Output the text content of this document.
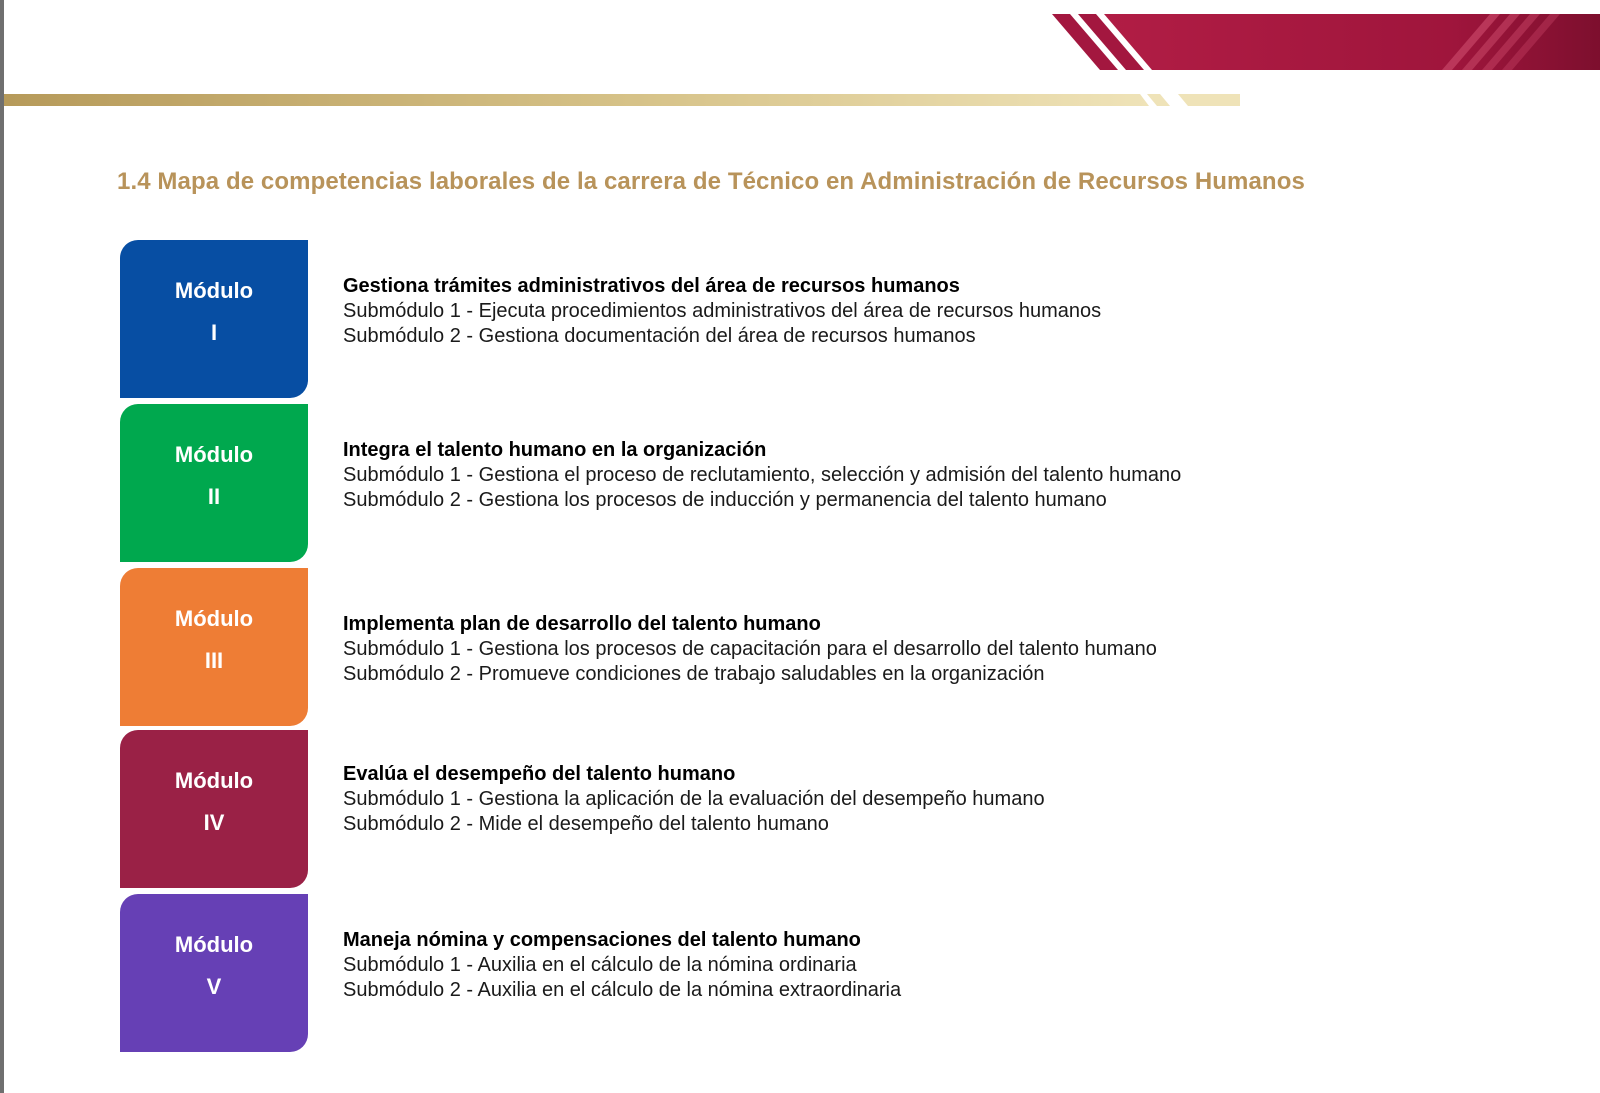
1.4 Mapa de competencias laborales de la carrera de Técnico en Administración de Recursos Humanos
Módulo
I
Gestiona trámites administrativos del área de recursos humanos
Submódulo 1 - Ejecuta procedimientos administrativos del área de recursos humanos
Submódulo 2 - Gestiona documentación del área de recursos humanos
Módulo
II
Integra el talento humano en la organización
Submódulo 1 - Gestiona el proceso de reclutamiento, selección y admisión del talento humano
Submódulo 2 - Gestiona los procesos de inducción y permanencia del talento humano
Módulo
III
Implementa plan de desarrollo del talento humano
Submódulo 1 - Gestiona los procesos de capacitación para el desarrollo del talento humano
Submódulo 2 - Promueve condiciones de trabajo saludables en la organización
Módulo
IV
Evalúa el desempeño del talento humano
Submódulo 1 - Gestiona la aplicación de la evaluación del desempeño humano
Submódulo 2 - Mide el desempeño del talento humano
Módulo
V
Maneja nómina y compensaciones del talento humano
Submódulo 1 - Auxilia en el cálculo de la nómina ordinaria
Submódulo 2 - Auxilia en el cálculo de la nómina extraordinaria
